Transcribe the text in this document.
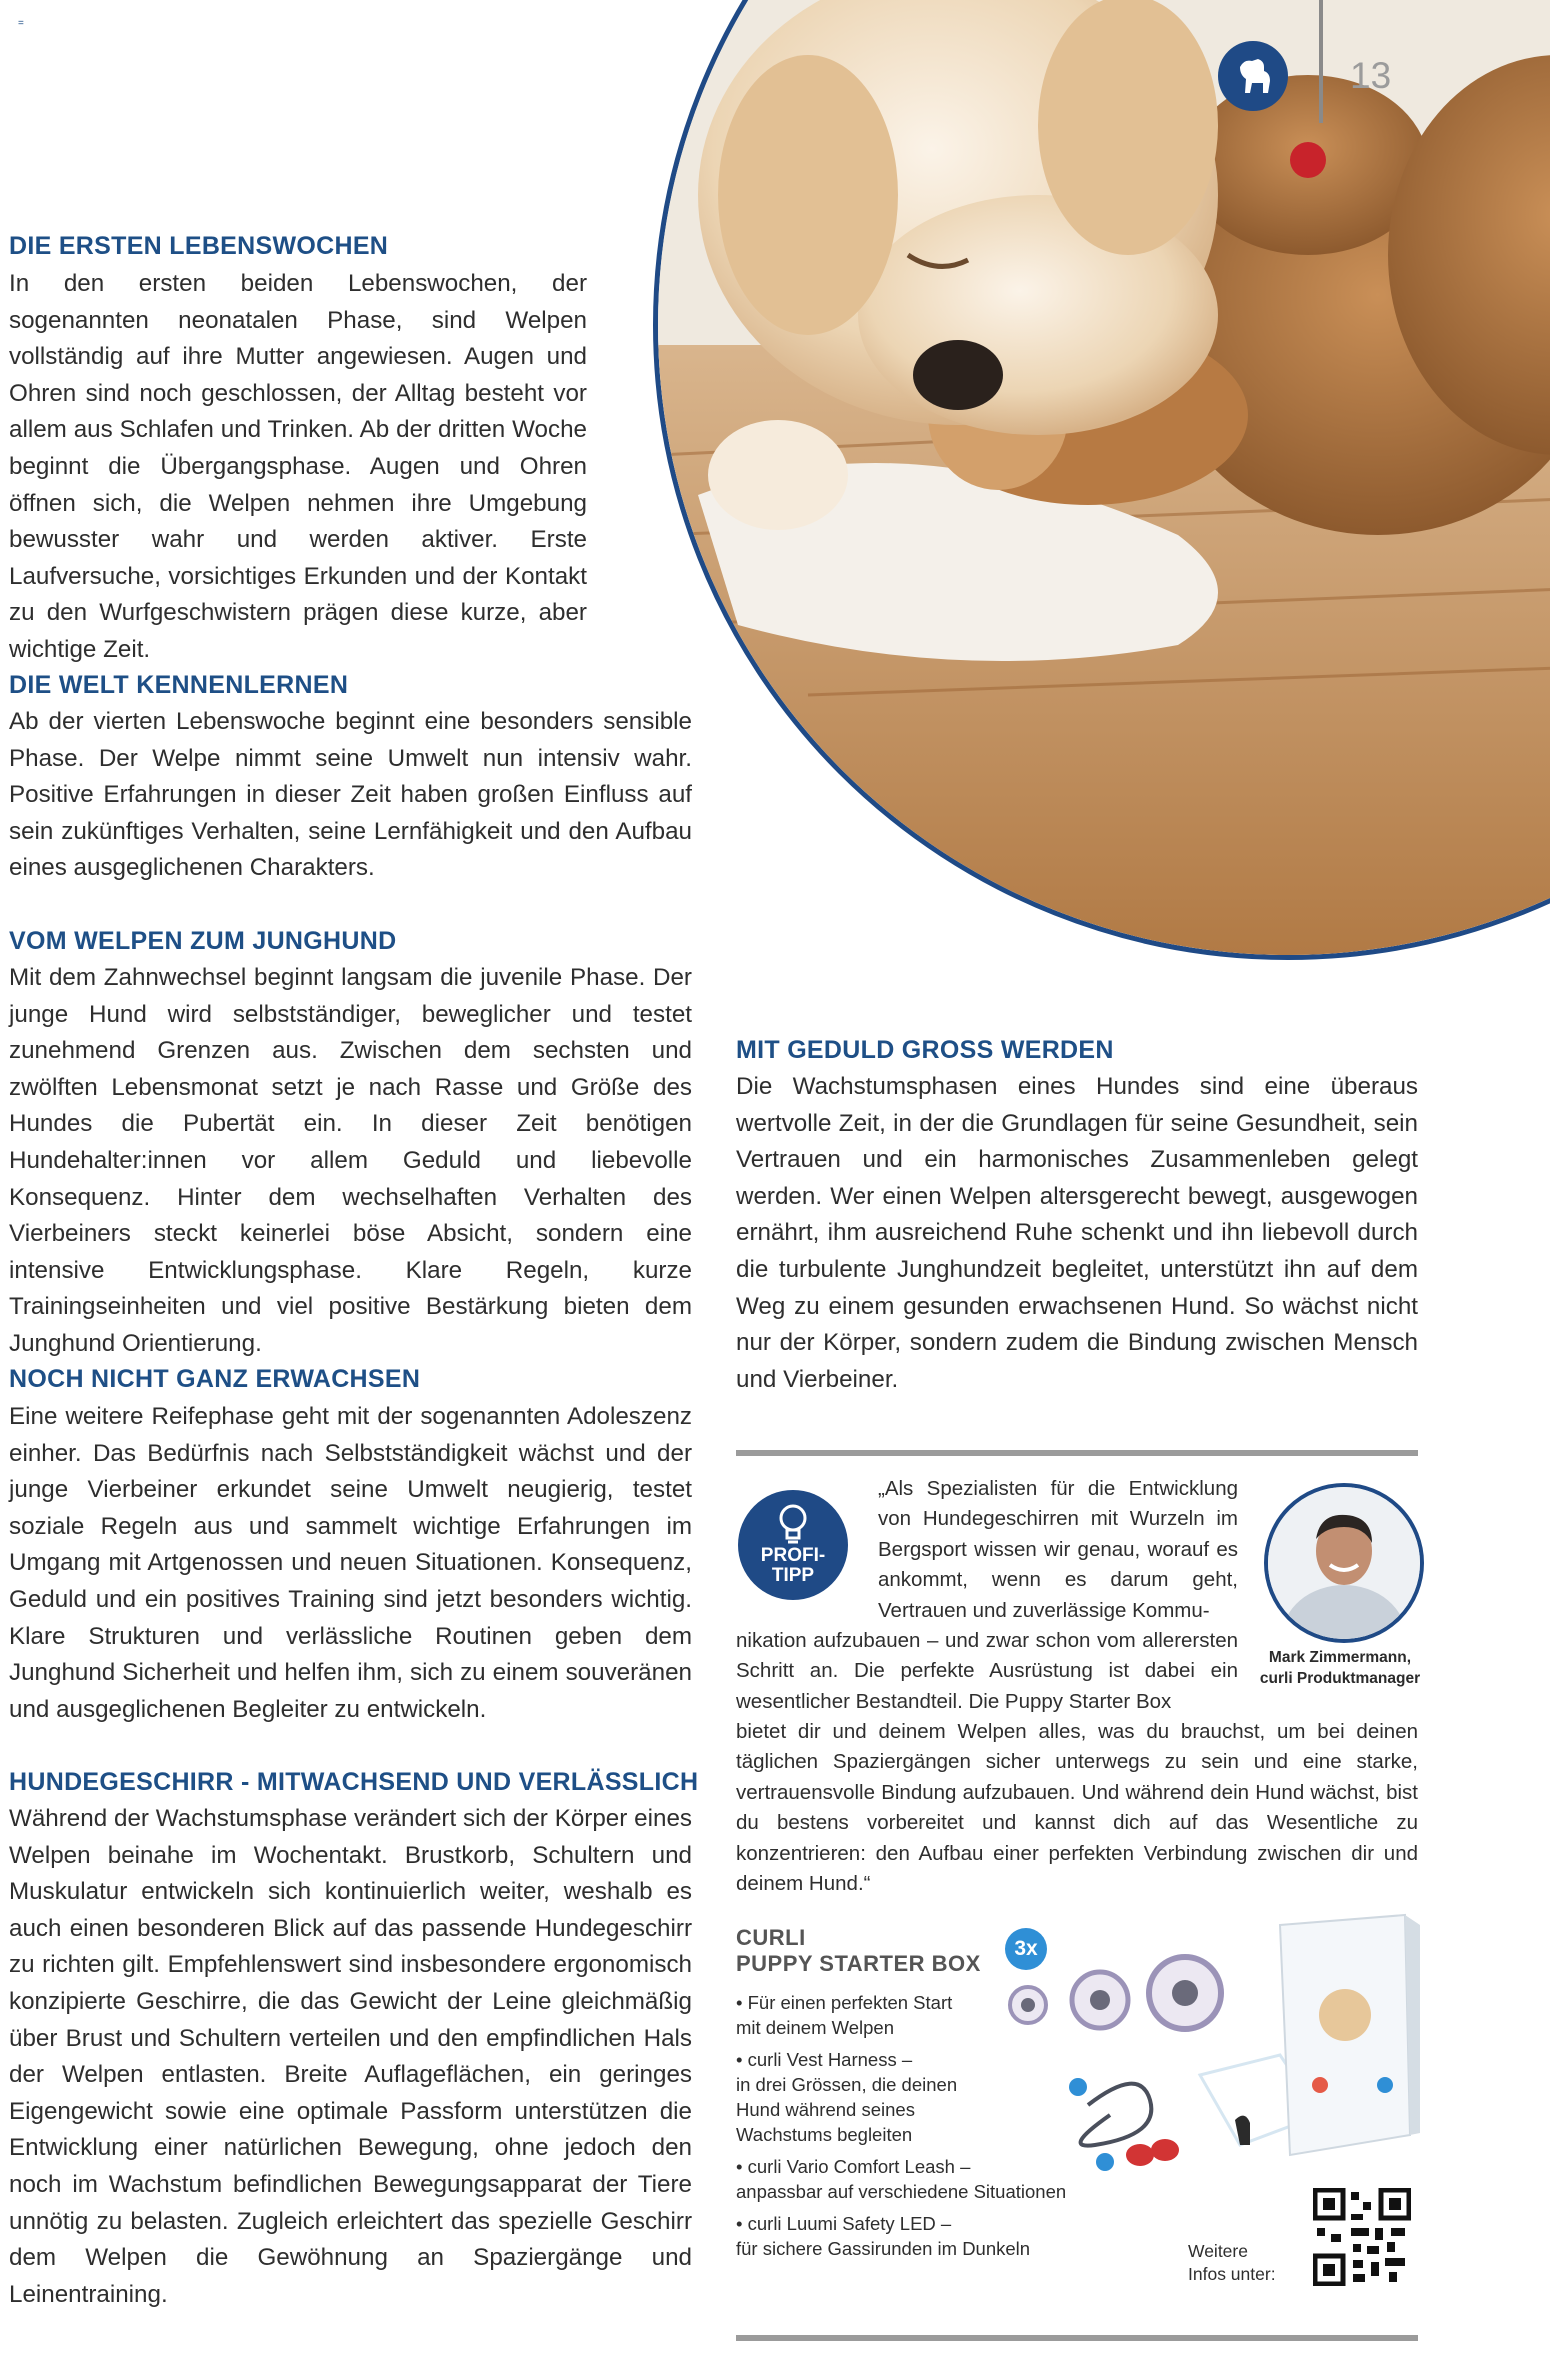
=
13
DIE ERSTEN LEBENSWOCHEN

In den ersten beiden Lebenswochen, der sogenannten neonatalen Phase, sind Welpen vollständig auf ihre Mutter angewiesen. Augen und Ohren sind noch geschlossen, der Alltag besteht vor allem aus Schlafen und Trinken. Ab der dritten Woche beginnt die Übergangsphase. Augen und Ohren öffnen sich, die Welpen nehmen ihre Umgebung bewusster wahr und werden aktiver. Erste Laufversuche, vorsichtiges Erkunden und der Kontakt zu den Wurfgeschwistern prägen diese kurze, aber wichtige Zeit.

DIE WELT KENNENLERNEN

Ab der vierten Lebenswoche beginnt eine besonders sensible Phase. Der Welpe nimmt seine Umwelt nun intensiv wahr. Positive Erfahrungen in dieser Zeit haben großen Einfluss auf sein zukünftiges Verhalten, seine Lernfähigkeit und den Aufbau eines ausgeglichenen Charakters.

VOM WELPEN ZUM JUNGHUND

Mit dem Zahnwechsel beginnt langsam die juvenile Phase. Der junge Hund wird selbstständiger, beweglicher und testet zunehmend Grenzen aus. Zwischen dem sechsten und zwölften Lebensmonat setzt je nach Rasse und Größe des Hundes die Pubertät ein. In dieser Zeit benötigen Hundehalter:innen vor allem Geduld und liebevolle Konsequenz. Hinter dem wechselhaften Verhalten des Vierbeiners steckt keinerlei böse Absicht, sondern eine intensive Entwicklungsphase. Klare Regeln, kurze Trainingseinheiten und viel positive Bestärkung bieten dem Junghund Orientierung.

NOCH NICHT GANZ ERWACHSEN

Eine weitere Reifephase geht mit der sogenannten Adoleszenz einher. Das Bedürfnis nach Selbstständigkeit wächst und der junge Vierbeiner erkundet seine Umwelt neugierig, testet soziale Regeln aus und sammelt wichtige Erfahrungen im Umgang mit Artgenossen und neuen Situationen. Konsequenz, Geduld und ein positives Training sind jetzt besonders wichtig. Klare Strukturen und verlässliche Routinen geben dem Junghund Sicherheit und helfen ihm, sich zu einem souveränen und ausgeglichenen Begleiter zu entwickeln.

HUNDEGESCHIRR - MITWACHSEND UND VERLÄSSLICH

Während der Wachstumsphase verändert sich der Körper eines Welpen beinahe im Wochentakt. Brustkorb, Schultern und Muskulatur entwickeln sich kontinuierlich weiter, weshalb es auch einen besonderen Blick auf das passende Hundegeschirr zu richten gilt. Empfehlenswert sind insbesondere ergonomisch konzipierte Geschirre, die das Gewicht der Leine gleichmäßig über Brust und Schultern verteilen und den empfindlichen Hals der Welpen entlasten. Breite Auflageflächen, ein geringes Eigengewicht sowie eine optimale Passform unterstützen die Entwicklung einer natürlichen Bewegung, ohne jedoch den noch im Wachstum befindlichen Bewegungsapparat der Tiere unnötig zu belasten. Zugleich erleichtert das spezielle Geschirr dem Welpen die Gewöhnung an Spaziergänge und Leinentraining.

MIT GEDULD GROSS WERDEN

Die Wachstumsphasen eines Hundes sind eine überaus wertvolle Zeit, in der die Grundlagen für seine Gesundheit, sein Vertrauen und ein harmonisches Zusammenleben gelegt werden. Wer einen Welpen altersgerecht bewegt, ausgewogen ernährt, ihm ausreichend Ruhe schenkt und ihn liebevoll durch die turbulente Junghundzeit begleitet, unterstützt ihn auf dem Weg zu einem gesunden erwachsenen Hund. So wächst nicht nur der Körper, sondern zudem die Bindung zwischen Mensch und Vierbeiner.

PROFI-
TIPP

„Als Spezialisten für die Entwicklung von Hundegeschirren mit Wurzeln im Bergsport wissen wir genau, worauf es ankommt, wenn es darum geht, Vertrauen und zuverlässige Kommu-

nikation aufzubauen – und zwar schon vom allerersten Schritt an. Die perfekte Ausrüstung ist dabei ein wesentlicher Bestandteil. Die Puppy Starter Box

bietet dir und deinem Welpen alles, was du brauchst, um bei deinen täglichen Spaziergängen sicher unterwegs zu sein und eine starke, vertrauensvolle Bindung aufzubauen. Und während dein Hund wächst, bist du bestens vorbereitet und kannst dich auf das Wesentliche zu konzentrieren: den Aufbau einer perfekten Verbindung zwischen dir und deinem Hund.“

Mark Zimmermann,
curli Produktmanager
CURLI
PUPPY STARTER BOX
3x
• Für einen perfekten Start
mit deinem Welpen
• curli Vest Harness –
in drei Grössen, die deinen
Hund während seines
Wachstums begleiten
• curli Vario Comfort Leash –
anpassbar auf verschiedene Situationen
• curli Luumi Safety LED –
für sichere Gassirunden im Dunkeln	Weitere
Infos unter:
